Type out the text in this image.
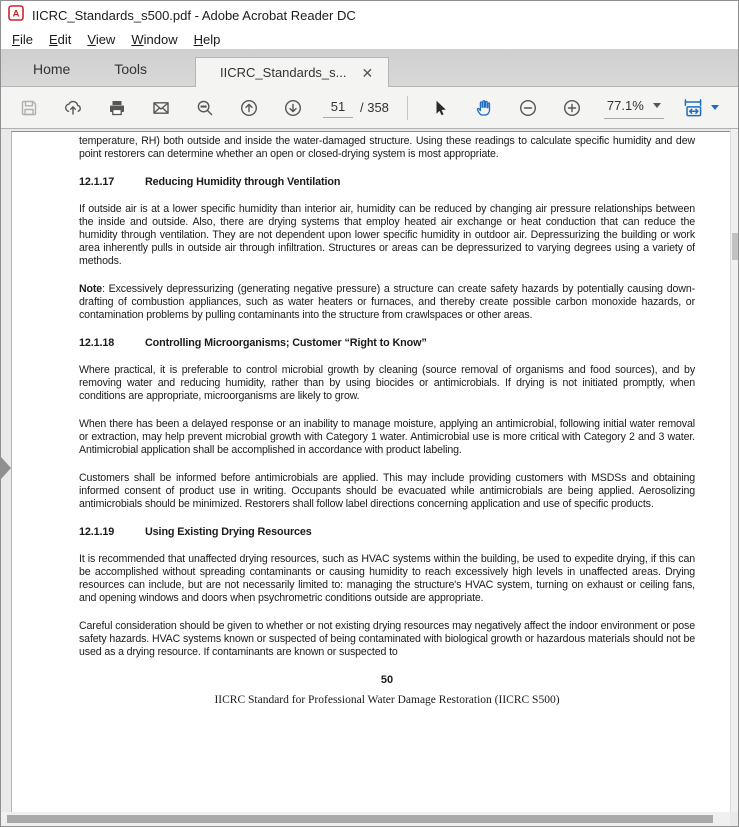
A IICRC_Standards_s500.pdf - Adobe Acrobat Reader DC
File	Edit	View	Window	Help
Home	Tools	IICRC_Standards_s... ✕
51
/ 358	77.1%

temperature, RH) both outside and inside the water-damaged structure. Using these readings to calculate specific humidity and dew point restorers can determine whether an open or closed-drying system is most appropriate.

12.1.17	Reducing Humidity through Ventilation

If outside air is at a lower specific humidity than interior air, humidity can be reduced by changing air pressure relationships between the inside and outside. Also, there are drying systems that employ heated air exchange or heat conduction that can reduce the humidity through ventilation. They are not dependent upon lower specific humidity in outdoor air. Depressurizing the building or work area inherently pulls in outside air through infiltration. Structures or areas can be depressurized to varying degrees using a variety of methods.

Note: Excessively depressurizing (generating negative pressure) a structure can create safety hazards by potentially causing down-drafting of combustion appliances, such as water heaters or furnaces, and thereby create possible carbon monoxide hazards, or contamination problems by pulling contaminants into the structure from crawlspaces or other areas.

12.1.18	Controlling Microorganisms; Customer “Right to Know”

Where practical, it is preferable to control microbial growth by cleaning (source removal of organisms and food sources), and by removing water and reducing humidity, rather than by using biocides or antimicrobials. If drying is not initiated promptly, when conditions are appropriate, microorganisms are likely to grow.

When there has been a delayed response or an inability to manage moisture, applying an antimicrobial, following initial water removal or extraction, may help prevent microbial growth with Category 1 water. Antimicrobial use is more critical with Category 2 and 3 water. Antimicrobial application shall be accomplished in accordance with product labeling.

Customers shall be informed before antimicrobials are applied. This may include providing customers with MSDSs and obtaining informed consent of product use in writing. Occupants should be evacuated while antimicrobials are being applied. Aerosolizing antimicrobials should be minimized. Restorers shall follow label directions concerning application and use of specific products.

12.1.19	Using Existing Drying Resources

It is recommended that unaffected drying resources, such as HVAC systems within the building, be used to expedite drying, if this can be accomplished without spreading contaminants or causing humidity to reach excessively high levels in unaffected areas. Drying resources can include, but are not necessarily limited to: managing the structure's HVAC system, turning on exhaust or ceiling fans, and opening windows and doors when psychrometric conditions outside are appropriate.

Careful consideration should be given to whether or not existing drying resources may negatively affect the indoor environment or pose safety hazards. HVAC systems known or suspected of being contaminated with biological growth or hazardous materials should not be used as a drying resource. If contaminants are known or suspected to

50
IICRC Standard for Professional Water Damage Restoration (IICRC S500)
